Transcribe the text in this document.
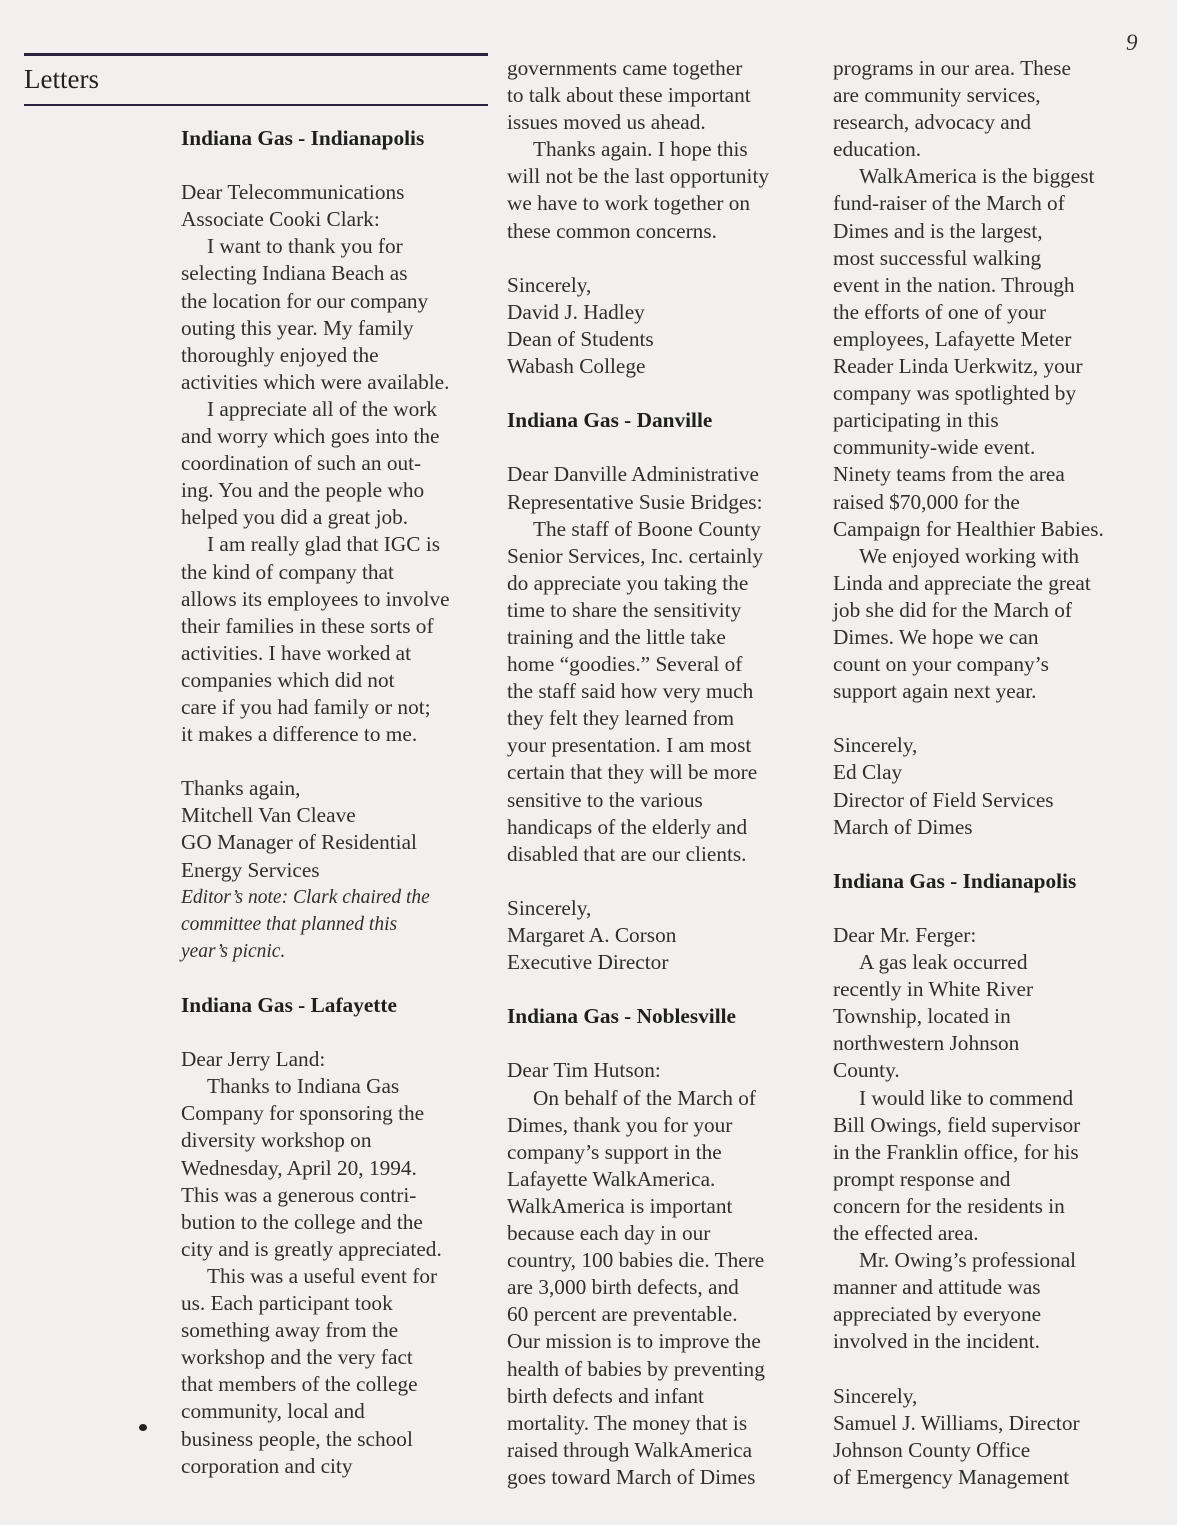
9
Letters
Indiana Gas - Indianapolis
Dear Telecommunications
Associate Cooki Clark:
I want to thank you for
selecting Indiana Beach as
the location for our company
outing this year. My family
thoroughly enjoyed the
activities which were available.
I appreciate all of the work
and worry which goes into the
coordination of such an out-
ing. You and the people who
helped you did a great job.
I am really glad that IGC is
the kind of company that
allows its employees to involve
their families in these sorts of
activities. I have worked at
companies which did not
care if you had family or not;
it makes a difference to me.
Thanks again,
Mitchell Van Cleave
GO Manager of Residential
Energy Services
Editor’s note: Clark chaired the
committee that planned this
year’s picnic.
Indiana Gas - Lafayette
Dear Jerry Land:
Thanks to Indiana Gas
Company for sponsoring the
diversity workshop on
Wednesday, April 20, 1994.
This was a generous contri-
bution to the college and the
city and is greatly appreciated.
This was a useful event for
us. Each participant took
something away from the
workshop and the very fact
that members of the college
community, local and
business people, the school
corporation and city
governments came together
to talk about these important
issues moved us ahead.
Thanks again. I hope this
will not be the last opportunity
we have to work together on
these common concerns.
Sincerely,
David J. Hadley
Dean of Students
Wabash College
Indiana Gas - Danville
Dear Danville Administrative
Representative Susie Bridges:
The staff of Boone County
Senior Services, Inc. certainly
do appreciate you taking the
time to share the sensitivity
training and the little take
home “goodies.” Several of
the staff said how very much
they felt they learned from
your presentation. I am most
certain that they will be more
sensitive to the various
handicaps of the elderly and
disabled that are our clients.
Sincerely,
Margaret A. Corson
Executive Director
Indiana Gas - Noblesville
Dear Tim Hutson:
On behalf of the March of
Dimes, thank you for your
company’s support in the
Lafayette WalkAmerica.
WalkAmerica is important
because each day in our
country, 100 babies die. There
are 3,000 birth defects, and
60 percent are preventable.
Our mission is to improve the
health of babies by preventing
birth defects and infant
mortality. The money that is
raised through WalkAmerica
goes toward March of Dimes
programs in our area. These
are community services,
research, advocacy and
education.
WalkAmerica is the biggest
fund-raiser of the March of
Dimes and is the largest,
most successful walking
event in the nation. Through
the efforts of one of your
employees, Lafayette Meter
Reader Linda Uerkwitz, your
company was spotlighted by
participating in this
community-wide event.
Ninety teams from the area
raised $70,000 for the
Campaign for Healthier Babies.
We enjoyed working with
Linda and appreciate the great
job she did for the March of
Dimes. We hope we can
count on your company’s
support again next year.
Sincerely,
Ed Clay
Director of Field Services
March of Dimes
Indiana Gas - Indianapolis
Dear Mr. Ferger:
A gas leak occurred
recently in White River
Township, located in
northwestern Johnson
County.
I would like to commend
Bill Owings, field supervisor
in the Franklin office, for his
prompt response and
concern for the residents in
the effected area.
Mr. Owing’s professional
manner and attitude was
appreciated by everyone
involved in the incident.
Sincerely,
Samuel J. Williams, Director
Johnson County Office
of Emergency Management
